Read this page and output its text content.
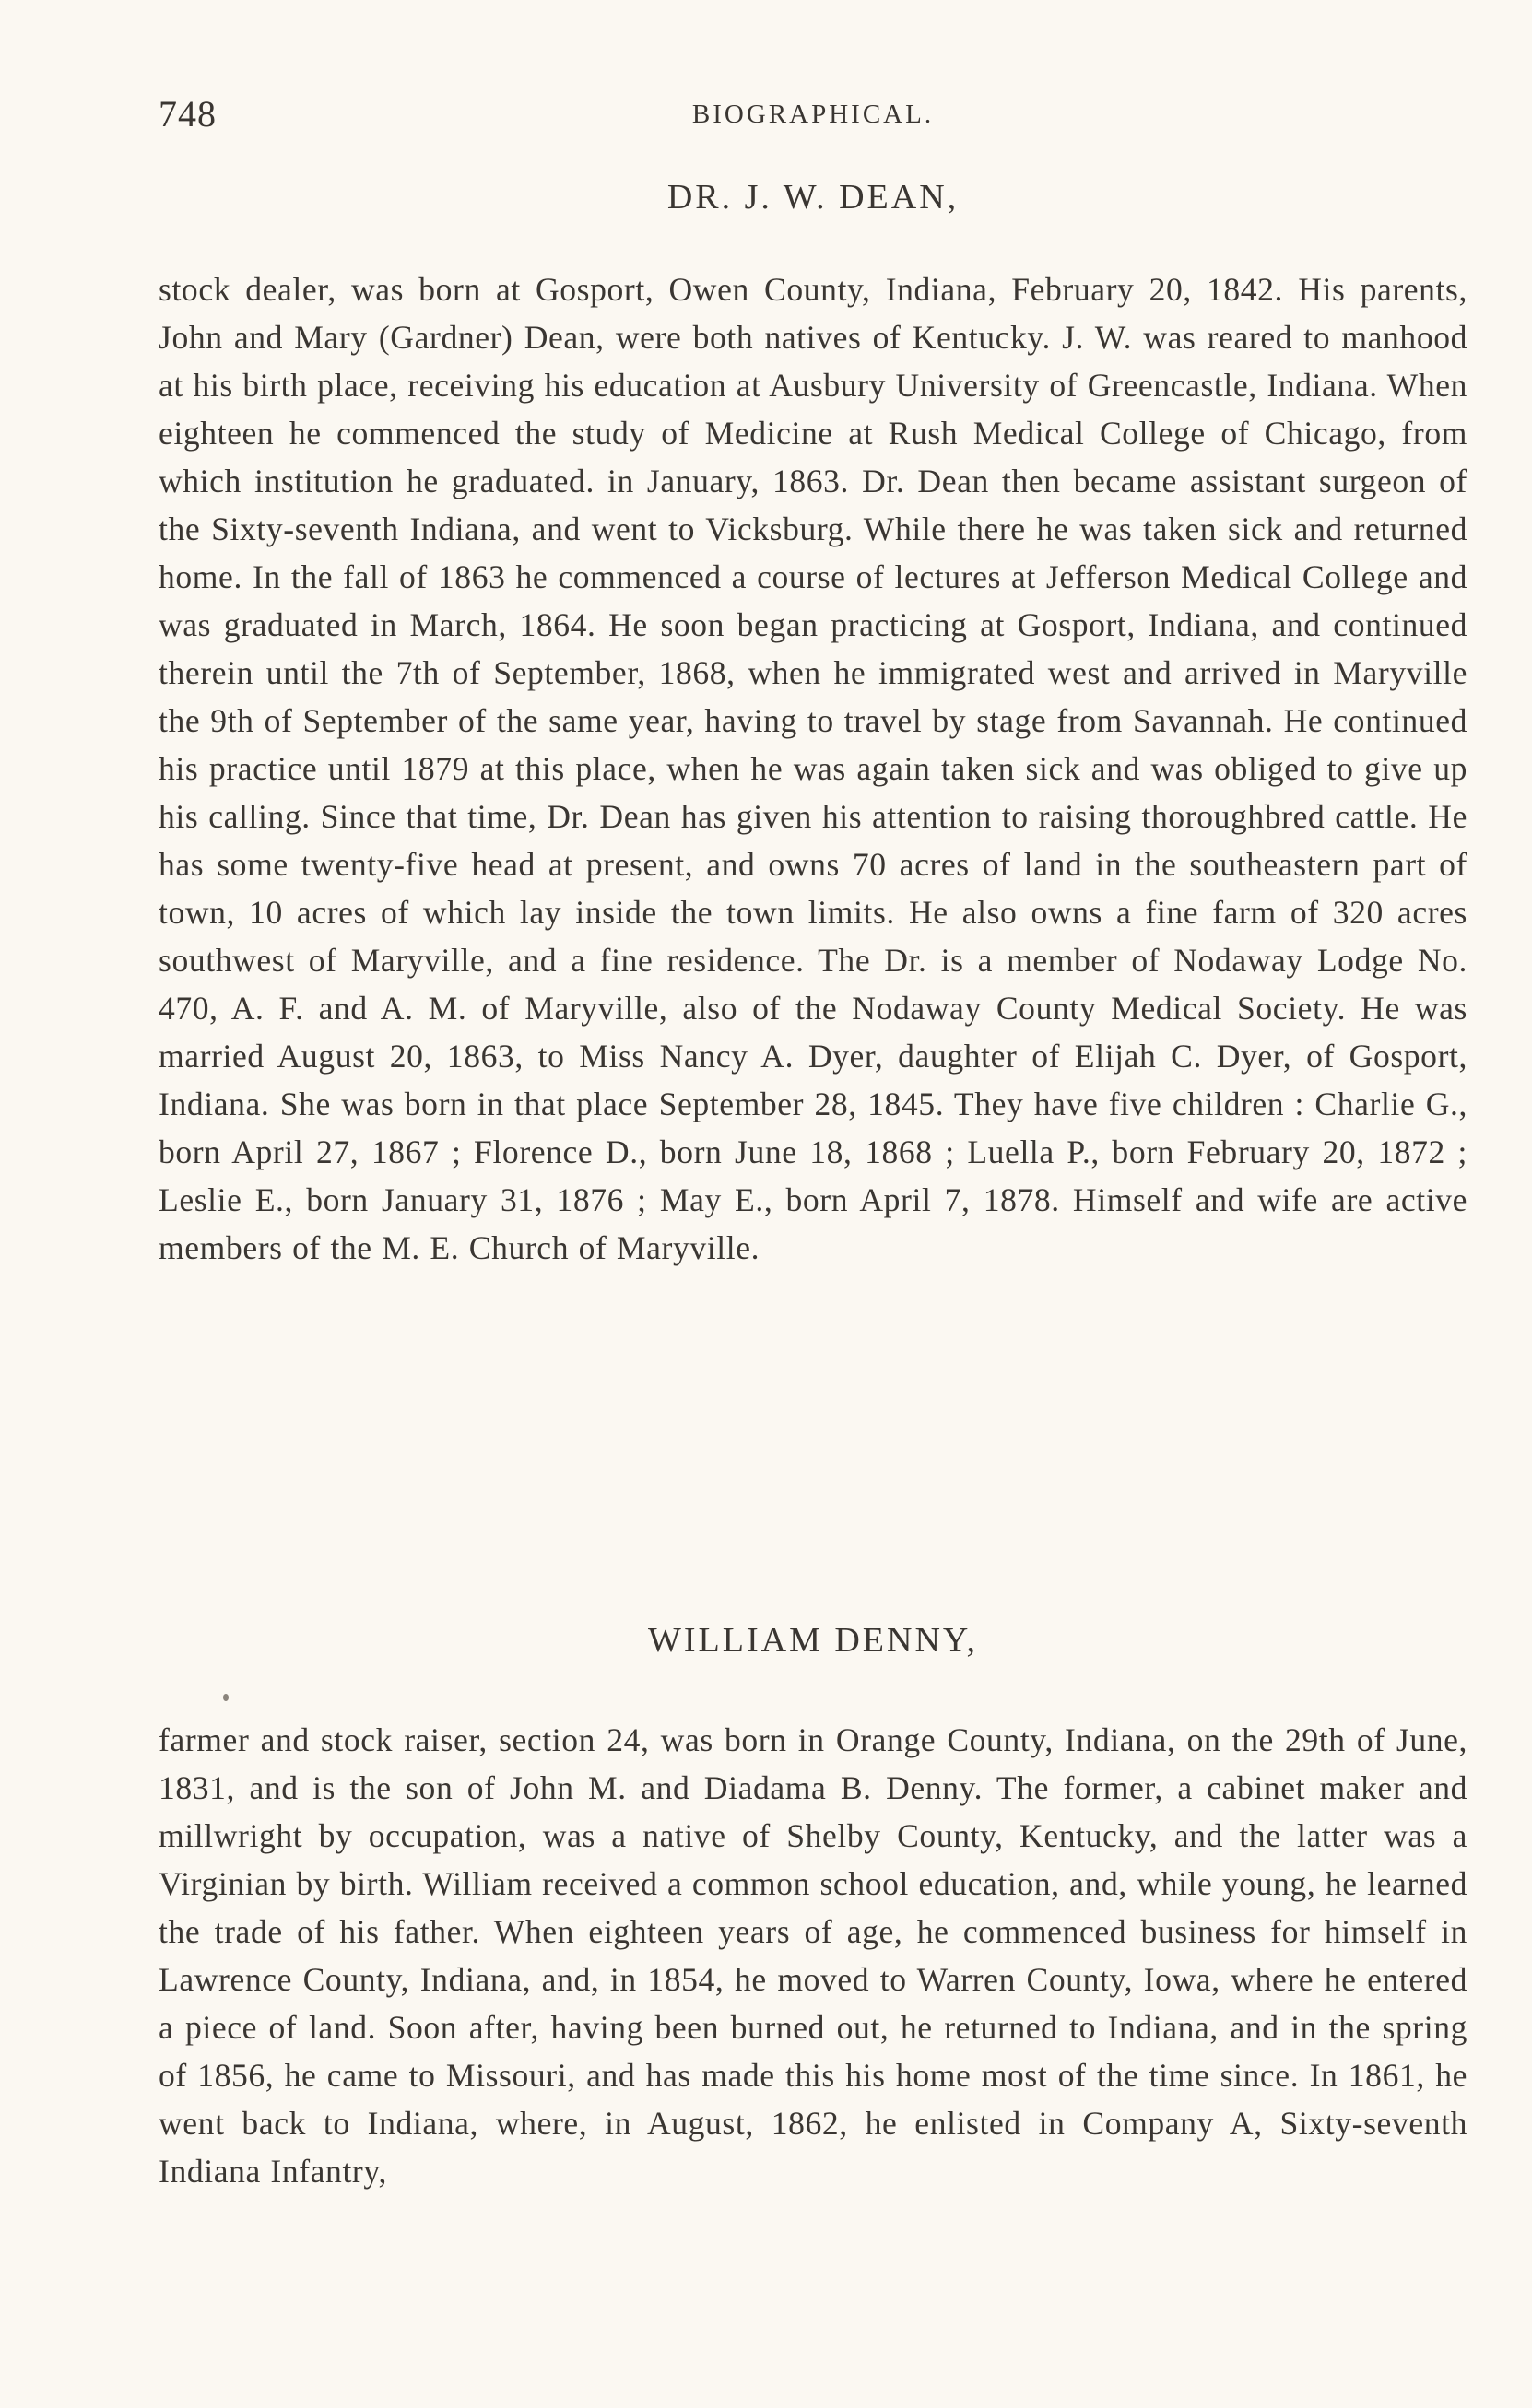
748	BIOGRAPHICAL.
DR. J. W. DEAN,

stock dealer, was born at Gosport, Owen County, Indiana, February 20, 1842. His parents, John and Mary (Gardner) Dean, were both natives of Kentucky. J. W. was reared to manhood at his birth place, receiving his education at Ausbury University of Greencastle, Indiana. When eighteen he commenced the study of Medicine at Rush Medical College of Chicago, from which institution he graduated. in January, 1863. Dr. Dean then became assistant surgeon of the Sixty-seventh Indiana, and went to Vicksburg. While there he was taken sick and returned home. In the fall of 1863 he commenced a course of lectures at Jefferson Medical College and was graduated in March, 1864. He soon began practicing at Gosport, Indiana, and continued therein until the 7th of September, 1868, when he immigrated west and arrived in Maryville the 9th of September of the same year, having to travel by stage from Savannah. He continued his practice until 1879 at this place, when he was again taken sick and was obliged to give up his calling. Since that time, Dr. Dean has given his attention to raising thoroughbred cattle. He has some twenty-five head at present, and owns 70 acres of land in the southeastern part of town, 10 acres of which lay inside the town limits. He also owns a fine farm of 320 acres southwest of Maryville, and a fine residence. The Dr. is a member of Nodaway Lodge No. 470, A. F. and A. M. of Maryville, also of the Nodaway County Medical Society. He was married August 20, 1863, to Miss Nancy A. Dyer, daughter of Elijah C. Dyer, of Gosport, Indiana. She was born in that place September 28, 1845. They have five children : Charlie G., born April 27, 1867 ; Florence D., born June 18, 1868 ; Luella P., born February 20, 1872 ; Leslie E., born January 31, 1876 ; May E., born April 7, 1878. Himself and wife are active members of the M. E. Church of Maryville.

WILLIAM DENNY,

farmer and stock raiser, section 24, was born in Orange County, Indiana, on the 29th of June, 1831, and is the son of John M. and Diadama B. Denny. The former, a cabinet maker and millwright by occupation, was a native of Shelby County, Kentucky, and the latter was a Virginian by birth. William received a common school education, and, while young, he learned the trade of his father. When eighteen years of age, he commenced business for himself in Lawrence County, Indiana, and, in 1854, he moved to Warren County, Iowa, where he entered a piece of land. Soon after, having been burned out, he returned to Indiana, and in the spring of 1856, he came to Missouri, and has made this his home most of the time since. In 1861, he went back to Indiana, where, in August, 1862, he enlisted in Company A, Sixty-seventh Indiana Infantry,
